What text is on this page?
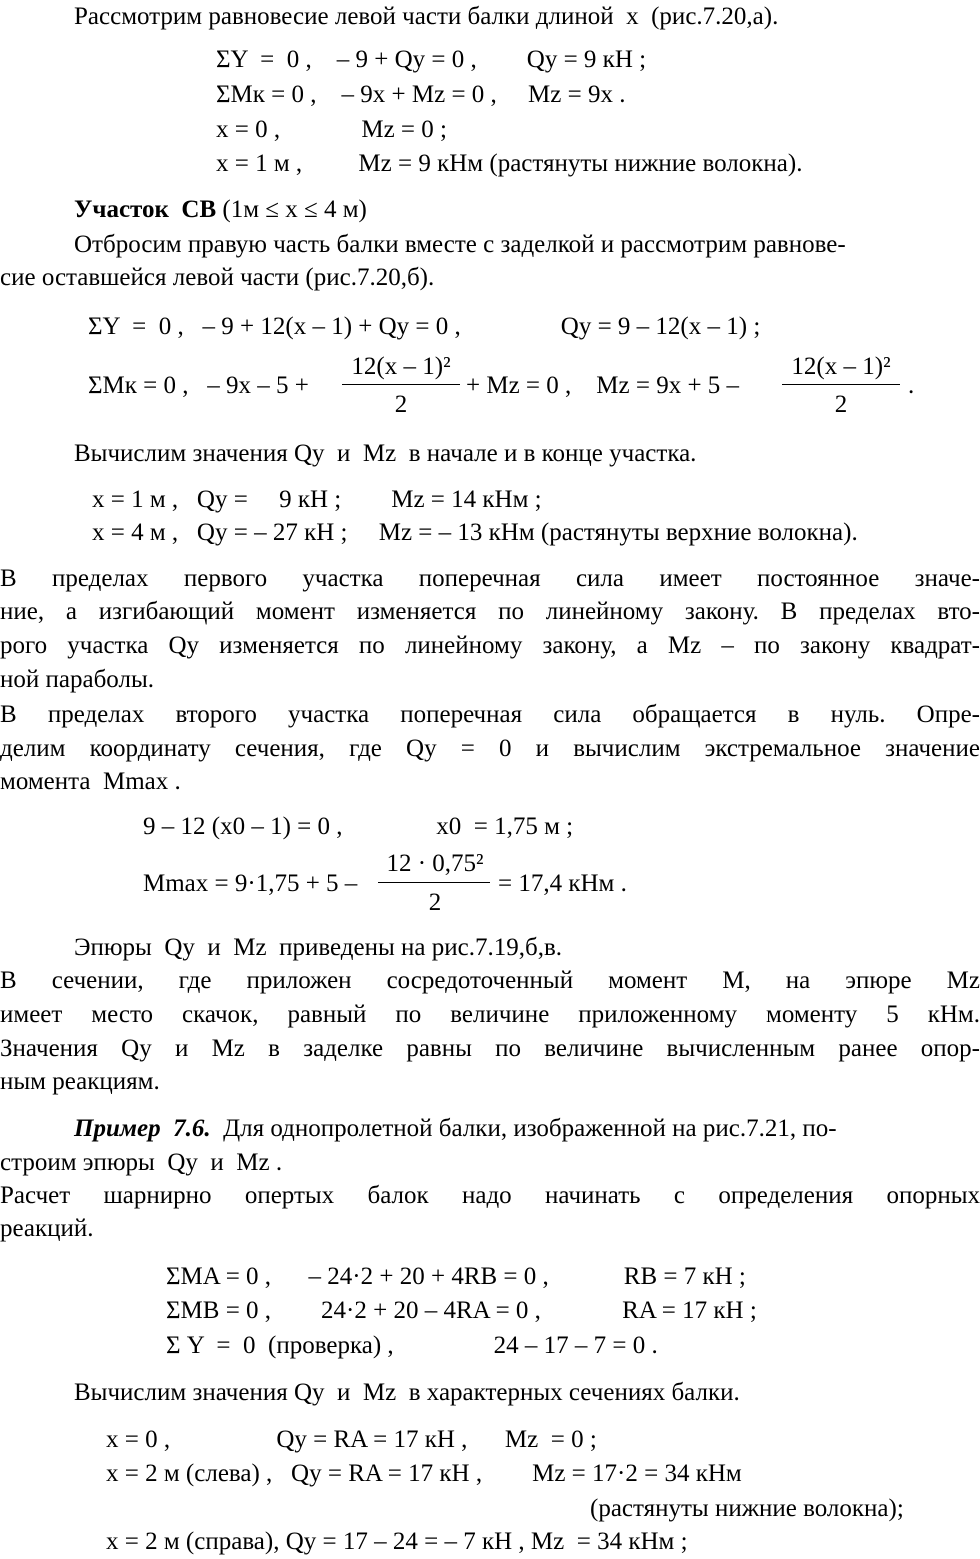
Рассмотрим равновесие левой части балки длиной  x  (рис.7.20,а).
ΣY  =  0 ,    – 9 + Qy = 0 ,        Qy = 9 кН ;
ΣMк = 0 ,    – 9x + Mz = 0 ,     Mz = 9x .
x = 0 ,             Mz = 0 ;
x = 1 м ,         Mz = 9 кНм (растянуты нижние волокна).
Участок  CB (1м ≤ x ≤ 4 м)
Отбросим правую часть балки вместе с заделкой и рассмотрим равнове-
сие оставшейся левой части (рис.7.20,б).
ΣY  =  0 ,   – 9 + 12(x – 1) + Qy = 0 ,                Qy = 9 – 12(x – 1) ;
ΣMк = 0 ,   – 9x – 5 +
12(x – 1)²
2
+ Mz = 0 ,    Mz = 9x + 5 –
12(x – 1)²
2
.
Вычислим значения Qy  и  Mz  в начале и в конце участка.
x = 1 м ,   Qy =     9 кН ;        Mz = 14 кНм ;
x = 4 м ,   Qy = – 27 кН ;     Mz = – 13 кНм (растянуты верхние волокна).
В пределах первого участка поперечная сила имеет постоянное значе-
ние, а изгибающий момент изменяется по линейному закону. В пределах вто-
рого участка Qy изменяется по линейному закону, а Mz – по закону квадрат-
ной параболы.
В пределах второго участка поперечная сила обращается в нуль. Опре-
делим координату сечения, где Qy = 0 и вычислим экстремальное значение
момента  Mmax .
9 – 12 (x0 – 1) = 0 ,               x0  = 1,75 м ;
Mmax = 9·1,75 + 5 –
12 · 0,75²
2
= 17,4 кНм .
Эпюры  Qy  и  Mz  приведены на рис.7.19,б,в.
В сечении, где приложен сосредоточенный момент M, на эпюре Mz
имеет место скачок, равный по величине приложенному моменту 5 кНм.
Значения Qy и Mz в заделке равны по величине вычисленным ранее опор-
ным реакциям.
Пример  7.6.  Для однопролетной балки, изображенной на рис.7.21, по-
строим эпюры  Qy  и  Mz .
Расчет шарнирно опертых балок надо начинать с определения опорных
реакций.
ΣMA = 0 ,      – 24·2 + 20 + 4RB = 0 ,            RB = 7 кН ;
ΣMB = 0 ,        24·2 + 20 – 4RA = 0 ,             RA = 17 кН ;
Σ Y  =  0  (проверка) ,                24 – 17 – 7 = 0 .
Вычислим значения Qy  и  Mz  в характерных сечениях балки.
x = 0 ,                 Qy = RA = 17 кН ,      Mz  = 0 ;
x = 2 м (слева) ,   Qy = RA = 17 кН ,        Mz = 17·2 = 34 кНм
(растянуты нижние волокна);
x = 2 м (справа), Qy = 17 – 24 = – 7 кН , Mz  = 34 кНм ;
